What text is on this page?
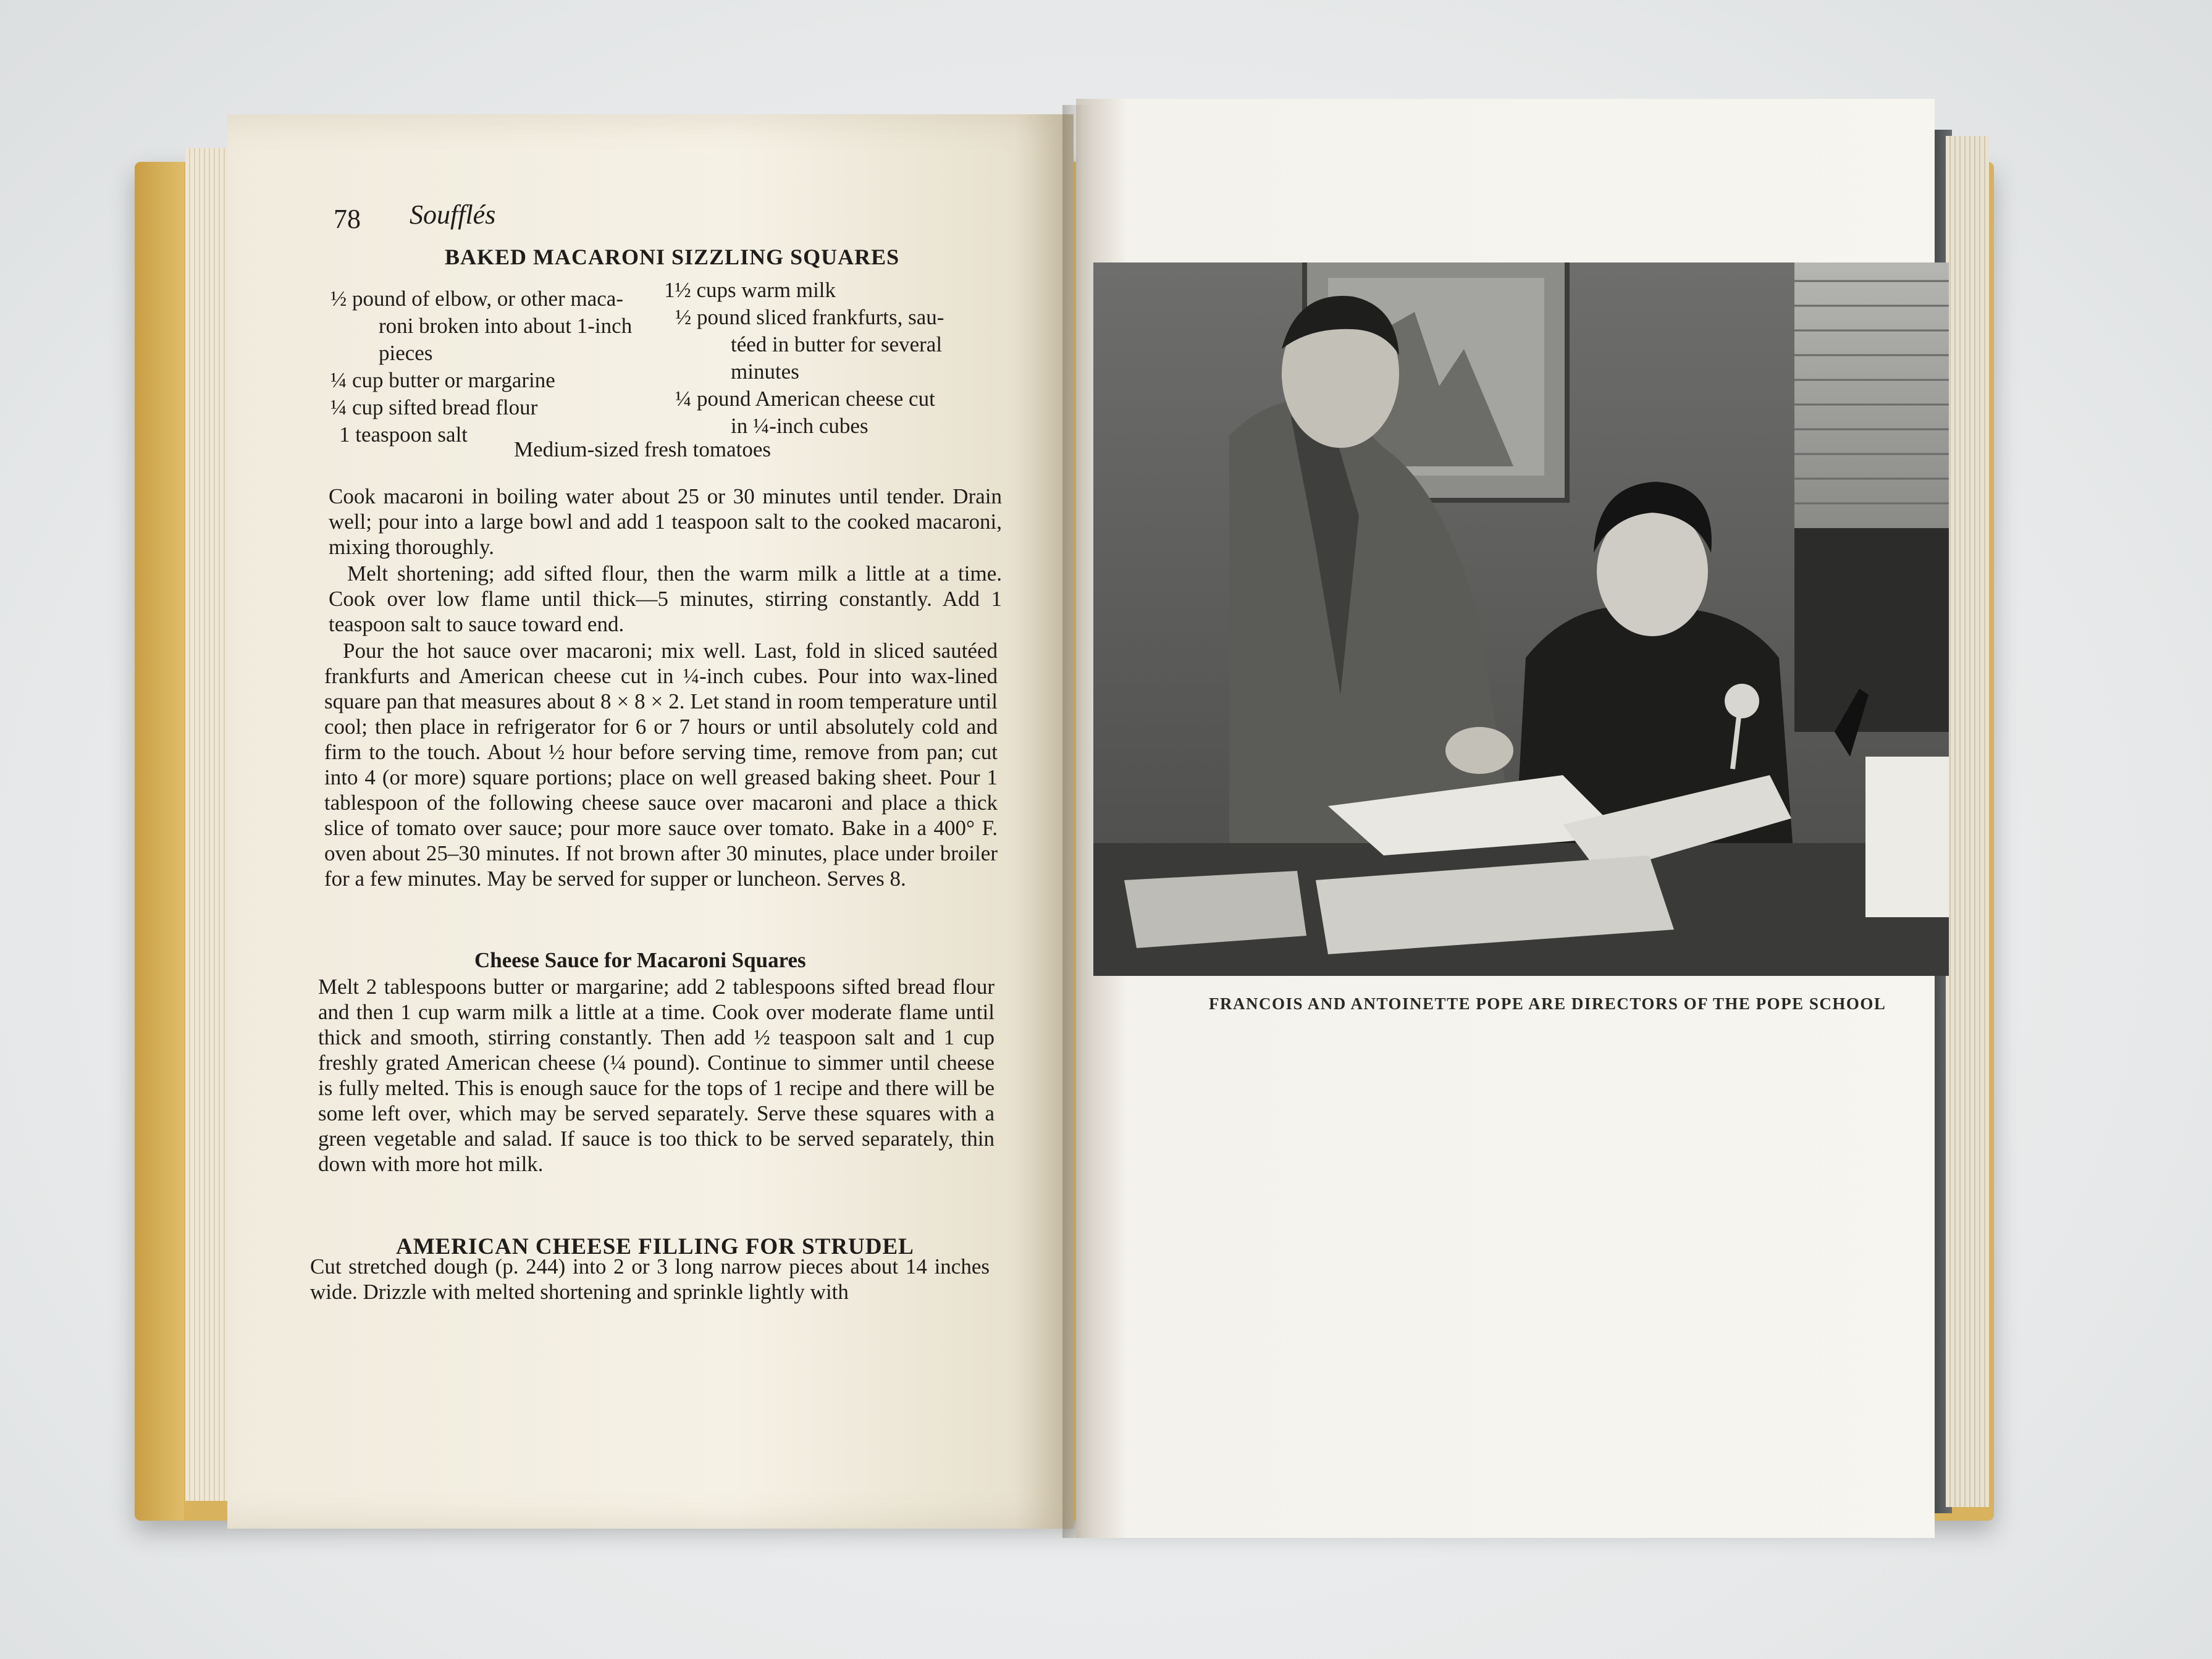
78 Soufflés
BAKED MACARONI SIZZLING SQUARES
½ pound of elbow, or other maca-
roni broken into about 1-inch
pieces
¼ cup butter or margarine
¼ cup sifted bread flour
1 teaspoon salt
1½ cups warm milk
½ pound sliced frankfurts, sau-
téed in butter for several
minutes
¼ pound American cheese cut
in ¼-inch cubes
Medium-sized fresh tomatoes
Cook macaroni in boiling water about 25 or 30 minutes until tender. Drain well; pour into a large bowl and add 1 teaspoon salt to the cooked macaroni, mixing thoroughly.
Melt shortening; add sifted flour, then the warm milk a little at a time. Cook over low flame until thick—5 minutes, stirring constantly. Add 1 teaspoon salt to sauce toward end.
Pour the hot sauce over macaroni; mix well. Last, fold in sliced sautéed frankfurts and American cheese cut in ¼-inch cubes. Pour into wax-lined square pan that measures about 8 × 8 × 2. Let stand in room temperature until cool; then place in refrigerator for 6 or 7 hours or until absolutely cold and firm to the touch. About ½ hour before serving time, remove from pan; cut into 4 (or more) square portions; place on well greased baking sheet. Pour 1 tablespoon of the following cheese sauce over macaroni and place a thick slice of tomato over sauce; pour more sauce over tomato. Bake in a 400° F. oven about 25–30 minutes. If not brown after 30 minutes, place under broiler for a few minutes. May be served for supper or luncheon. Serves 8.
Cheese Sauce for Macaroni Squares
Melt 2 tablespoons butter or margarine; add 2 tablespoons sifted bread flour and then 1 cup warm milk a little at a time. Cook over moderate flame until thick and smooth, stirring constantly. Then add ½ teaspoon salt and 1 cup freshly grated American cheese (¼ pound). Continue to simmer until cheese is fully melted. This is enough sauce for the tops of 1 recipe and there will be some left over, which may be served separately. Serve these squares with a green vegetable and salad. If sauce is too thick to be served separately, thin down with more hot milk.
AMERICAN CHEESE FILLING FOR STRUDEL
Cut stretched dough (p. 244) into 2 or 3 long narrow pieces about 14 inches wide. Drizzle with melted shortening and sprinkle lightly with
FRANCOIS AND ANTOINETTE POPE ARE DIRECTORS OF THE POPE SCHOOL
